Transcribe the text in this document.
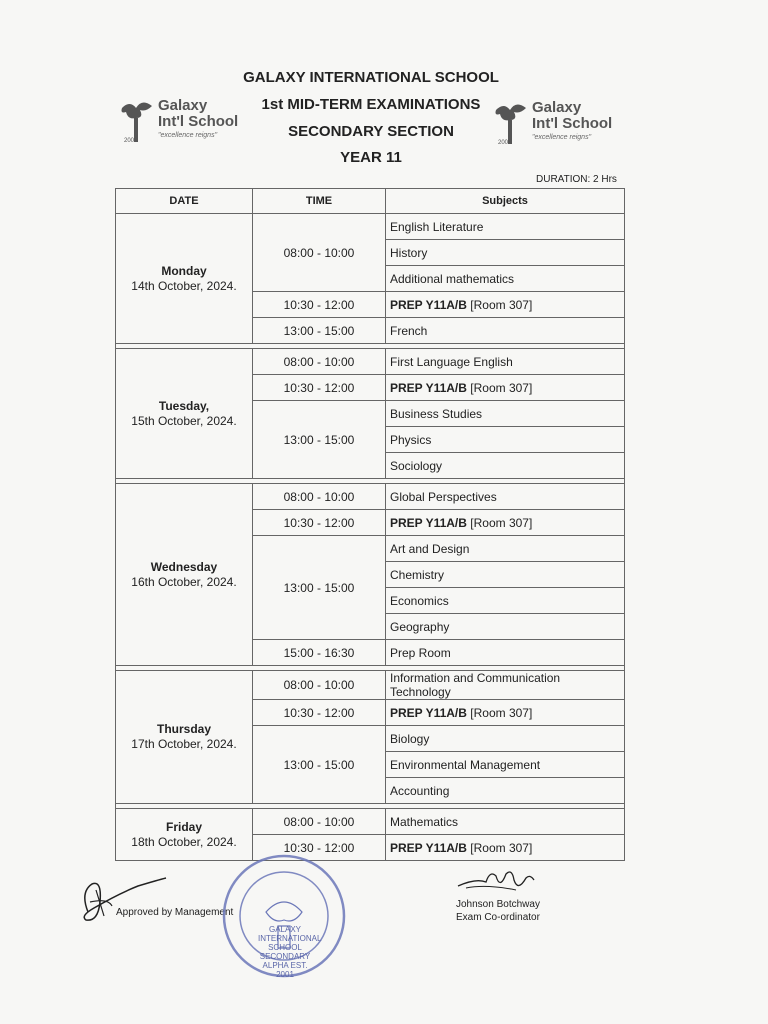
GALAXY INTERNATIONAL SCHOOL
1st MID-TERM EXAMINATIONS
SECONDARY SECTION
YEAR 11
Galaxy
Int'l School
"excellence reigns"
2001
Galaxy
Int'l School
"excellence reigns"
2001
DURATION: 2 Hrs
DATE	TIME	Subjects

Monday
14th October, 2024.	08:00 - 10:00	English Literature
		History
		Additional mathematics
	10:30 - 12:00	PREP Y11A/B [Room 307]
	13:00 - 15:00	French

Tuesday,
15th October, 2024.	08:00 - 10:00	First Language English
	10:30 - 12:00	PREP Y11A/B [Room 307]
	13:00 - 15:00	Business Studies
		Physics
		Sociology

Wednesday
16th October, 2024.	08:00 - 10:00	Global Perspectives
	10:30 - 12:00	PREP Y11A/B [Room 307]
	13:00 - 15:00	Art and Design
		Chemistry
		Economics
		Geography
	15:00 - 16:30	Prep Room

Thursday
17th October, 2024.	08:00 - 10:00	Information and Communication Technology
	10:30 - 12:00	PREP Y11A/B [Room 307]
	13:00 - 15:00	Biology
		Environmental Management
		Accounting

Friday
18th October, 2024.	08:00 - 10:00	Mathematics
	10:30 - 12:00	PREP Y11A/B [Room 307]
Approved by Management
Johnson Botchway
Exam Co-ordinator
GALAXY INTERNATIONAL SCHOOL SECONDARY ALPHA EST. 2001
